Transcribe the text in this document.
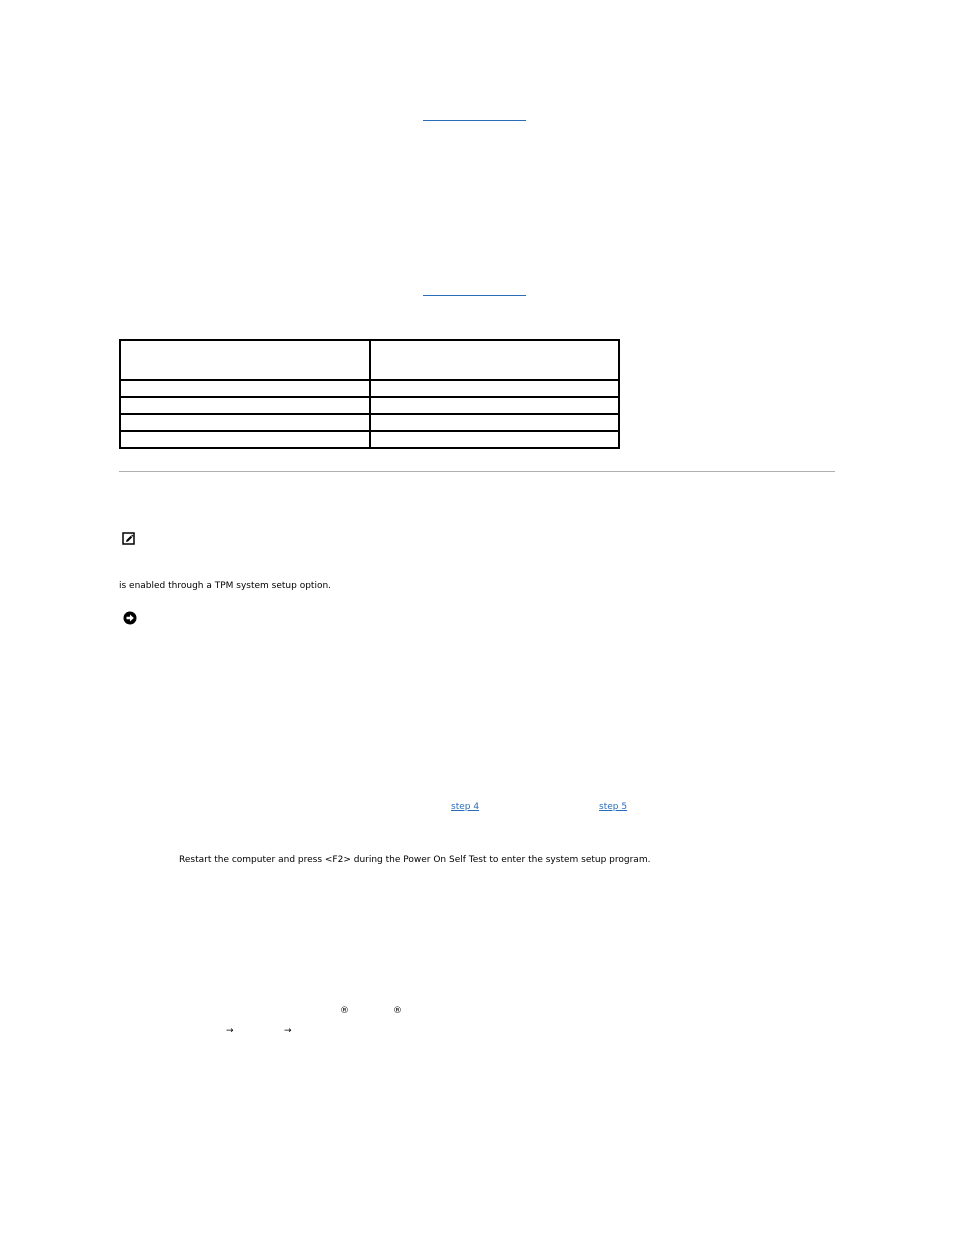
is enabled through a TPM system setup option.
step 4	step 5
Restart the computer and press <F2> during the Power On Self Test to enter the system setup program.
®	®
→	→
